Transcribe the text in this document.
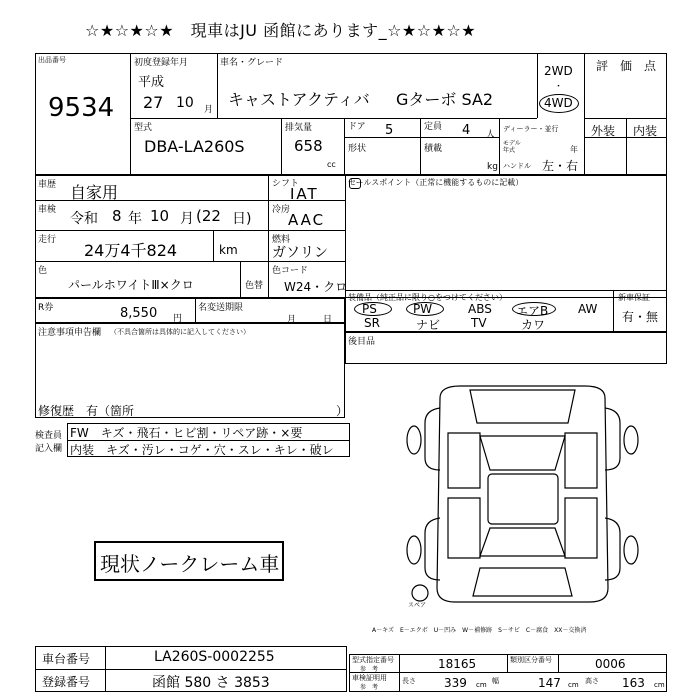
☆★☆★☆★　現車はJU 函館にあります_☆★☆★☆★
出品番号
9534
初度登録年月
平成
27 10 月
車名・グレード
キャストアクティバ Gターボ SA2
2WD
・
4WD
評　価　点
外装 内装
型式
DBA-LA260S
排気量
658
cc
ドア 5
形状
定員 4 人
積載
kg
ディーラー・並行
モデル
年式	年
ハンドル 左・右
車歴 自家用
車検
令和 8 年 10 月 (22 日)
走行
24万4千824	km
シフト
IAT
冷房
AAC
燃料
ガソリン
色
パールホワイトⅢ×クロ	色替
色コード
W24・クロ
セールスポイント（正常に機能するものに記載）
R券	8,550 円
名変送期限
月	日
注意事項申告欄 （不具合箇所は具体的に記入してください）
修復歴 有（箇所	）
装備品（純正品に限り○をつけてください）	新車保証
有・無
PS	PW	ABS エアB AW
SR	ナビ	TV	カワ
後目品
検査員
記入欄
FW　キズ・飛石・ヒビ割・リペア跡・×要
内装　キズ・汚レ・コゲ・穴・スレ・キレ・破レ
現状ノークレーム車
スペア
A－キズ　E－エクボ　U－凹み　W－補修跡　S－サビ　C－腐食　XX－交換済
車台番号	LA260S-0002255
登録番号	函館 580 さ 3853
型式指定番号
参　考	18165	類別区分番号	0006
車検証明用
参　考
長さ 339 cm 幅	147 cm 高さ 163 cm
